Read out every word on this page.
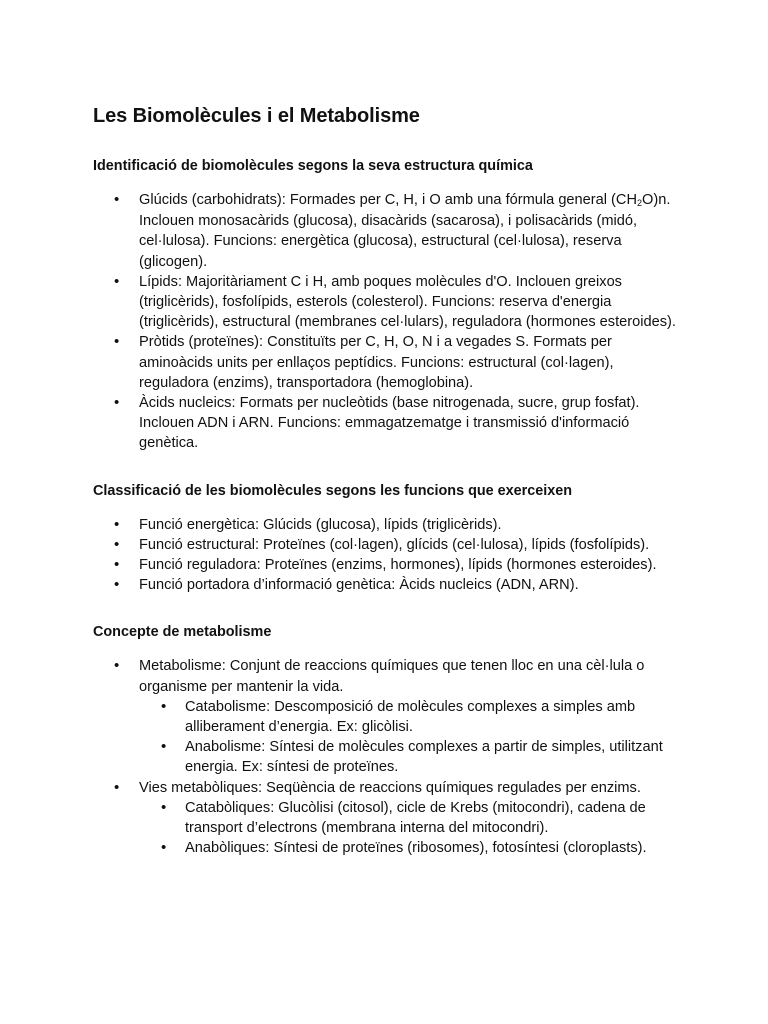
Les Biomolècules i el Metabolisme
Identificació de biomolècules segons la seva estructura química
• Glúcids (carbohidrats): Formades per C, H, i O amb una fórmula general $(CH_2O)n$. Inclouen monosacàrids (glucosa), disacàrids (sacarosa), i polisacàrids (midó, cel·lulosa). Funcions: energètica (glucosa), estructural (cel·lulosa), reserva (glicogen).
• Lípids: Majoritàriament C i H, amb poques molècules d'O. Inclouen greixos (triglicèrids), fosfolípids, esterols (colesterol). Funcions: reserva d'energia (triglicèrids), estructural (membranes cel·lulars), reguladora (hormones esteroides).
• Pròtids (proteïnes): Constituïts per C, H, O, N i a vegades S. Formats per aminoàcids units per enllaços peptídics. Funcions: estructural (col·lagen), reguladora (enzims), transportadora (hemoglobina).
• Àcids nucleics: Formats per nucleòtids (base nitrogenada, sucre, grup fosfat). Inclouen ADN i ARN. Funcions: emmagatzematge i transmissió d'informació genètica.
Classificació de les biomolècules segons les funcions que exerceixen
• Funció energètica: Glúcids (glucosa), lípids (triglicèrids).
• Funció estructural: Proteïnes (col·lagen), glícids (cel·lulosa), lípids (fosfolípids).
• Funció reguladora: Proteïnes (enzims, hormones), lípids (hormones esteroides).
• Funció portadora d’informació genètica: Àcids nucleics (ADN, ARN).
Concepte de metabolisme
• Metabolisme: Conjunt de reaccions químiques que tenen lloc en una cèl·lula o organisme per mantenir la vida.
• Catabolisme: Descomposició de molècules complexes a simples amb alliberament d’energia. Ex: glicòlisi.
• Anabolisme: Síntesi de molècules complexes a partir de simples, utilitzant energia. Ex: síntesi de proteïnes.
• Vies metabòliques: Seqüència de reaccions químiques regulades per enzims.
• Catabòliques: Glucòlisi (citosol), cicle de Krebs (mitocondri), cadena de transport d’electrons (membrana interna del mitocondri).
• Anabòliques: Síntesi de proteïnes (ribosomes), fotosíntesi (cloroplasts).
